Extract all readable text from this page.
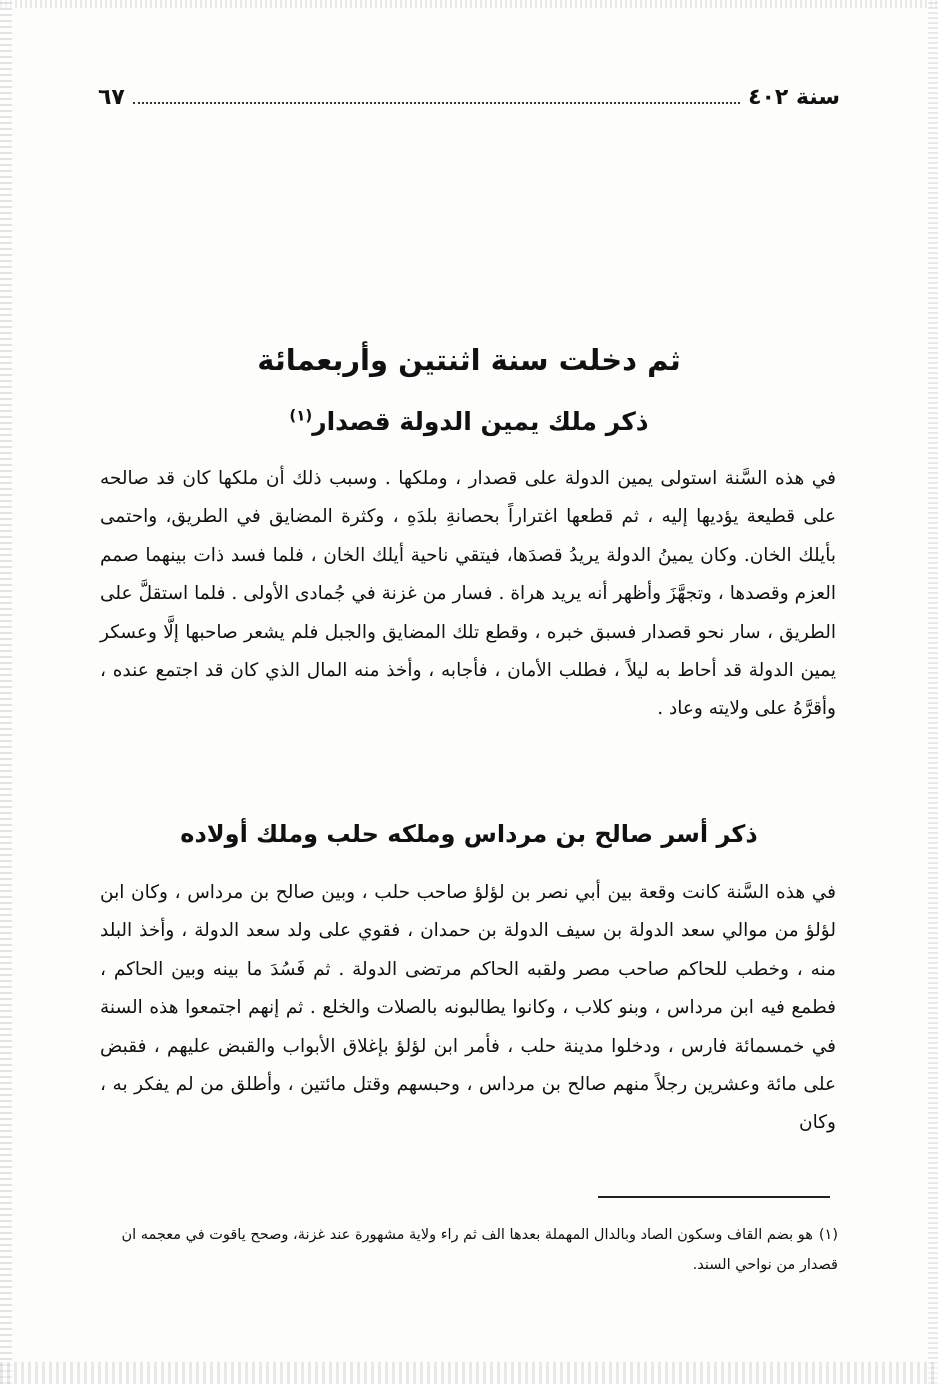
سنة ٤٠٢
٦٧
ثم دخلت سنة اثنتين وأربعمائة
ذكر ملك يمين الدولة قصدار$^{(١)}$
في هذه السَّنة استولى يمين الدولة على قصدار ، وملكها . وسبب ذلك أن ملكها كان قد صالحه على قطيعة يؤديها إليه ، ثم قطعها اغتراراً بحصانةِ بلدَهِ ، وكثرة المضايق في الطريق، واحتمى بأيلك الخان. وكان يمينُ الدولة يريدُ قصدَها، فيتقي ناحية أيلك الخان ، فلما فسد ذات بينهما صمم العزم وقصدها ، وتجهَّزَ وأظهر أنه يريد هراة . فسار من غزنة في جُمادى الأولى . فلما استقلَّ على الطريق ، سار نحو قصدار فسبق خبره ، وقطع تلك المضايق والجبل فلم يشعر صاحبها إلَّا وعسكر يمين الدولة قد أحاط به ليلاً ، فطلب الأمان ، فأجابه ، وأخذ منه المال الذي كان قد اجتمع عنده ، وأقرَّهُ على ولايته وعاد .
ذكر أسر صالح بن مرداس وملكه حلب وملك أولاده
في هذه السَّنة كانت وقعة بين أبي نصر بن لؤلؤ صاحب حلب ، وبين صالح بن مرداس ، وكان ابن لؤلؤ من موالي سعد الدولة بن سيف الدولة بن حمدان ، فقوي على ولد سعد الدولة ، وأخذ البلد منه ، وخطب للحاكم صاحب مصر ولقبه الحاكم مرتضى الدولة . ثم فَسُدَ ما بينه وبين الحاكم ، فطمع فيه ابن مرداس ، وبنو كلاب ، وكانوا يطالبونه بالصلات والخلع . ثم إنهم اجتمعوا هذه السنة في خمسمائة فارس ، ودخلوا مدينة حلب ، فأمر ابن لؤلؤ بإغلاق الأبواب والقبض عليهم ، فقبض على مائة وعشرين رجلاً منهم صالح بن مرداس ، وحبسهم وقتل مائتين ، وأطلق من لم يفكر به ، وكان
(١)هو بضم القاف وسكون الصاد وبالدال المهملة بعدها الف ثم راء ولاية مشهورة عند غزنة، وصحح ياقوت في معجمه ان قصدار من نواحي السند.
